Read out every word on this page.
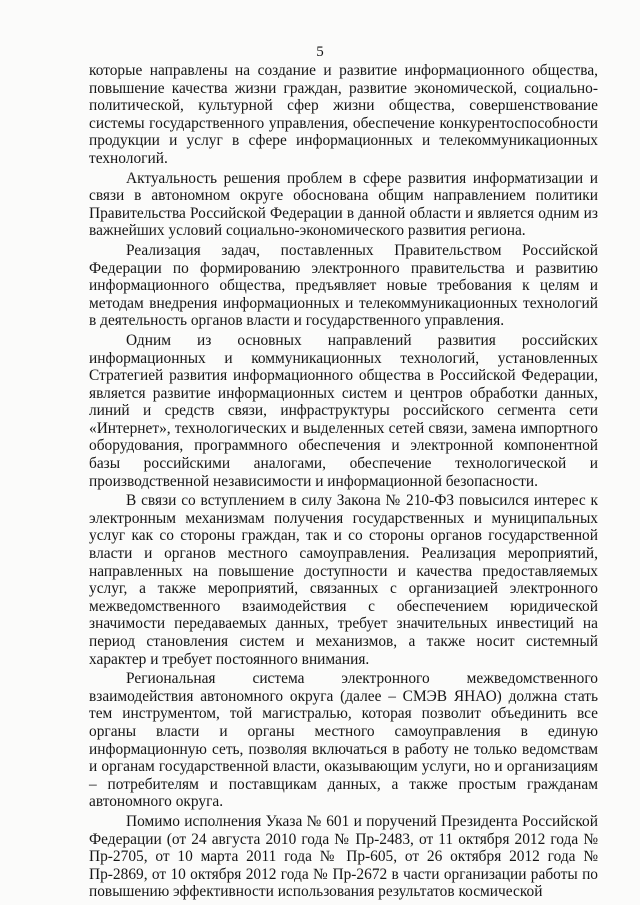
5

которые направлены на создание и развитие информационного общества, повышение качества жизни граждан, развитие экономической, социально-политической, культурной сфер жизни общества, совершенствование системы государственного управления, обеспечение конкурентоспособности продукции и услуг в сфере информационных и телекоммуникационных технологий.

Актуальность решения проблем в сфере развития информатизации и связи в автономном округе обоснована общим направлением политики Правительства Российской Федерации в данной области и является одним из важнейших условий социально-экономического развития региона.

Реализация задач, поставленных Правительством Российской Федерации по формированию электронного правительства и развитию информационного общества, предъявляет новые требования к целям и методам внедрения информационных и телекоммуникационных технологий в деятельность органов власти и государственного управления.

Одним из основных направлений развития российских информационных и коммуникационных технологий, установленных Стратегией развития информационного общества в Российской Федерации, является развитие информационных систем и центров обработки данных, линий и средств связи, инфраструктуры российского сегмента сети «Интернет», технологических и выделенных сетей связи, замена импортного оборудования, программного обеспечения и электронной компонентной базы российскими аналогами, обеспечение технологической и производственной независимости и информационной безопасности.

В связи со вступлением в силу Закона № 210-ФЗ повысился интерес к электронным механизмам получения государственных и муниципальных услуг как со стороны граждан, так и со стороны органов государственной власти и органов местного самоуправления. Реализация мероприятий, направленных на повышение доступности и качества предоставляемых услуг, а также мероприятий, связанных с организацией электронного межведомственного взаимодействия с обеспечением юридической значимости передаваемых данных, требует значительных инвестиций на период становления систем и механизмов, а также носит системный характер и требует постоянного внимания.

Региональная система электронного межведомственного взаимодействия автономного округа (далее – СМЭВ ЯНАО) должна стать тем инструментом, той магистралью, которая позволит объединить все органы власти и органы местного самоуправления в единую информационную сеть, позволяя включаться в работу не только ведомствам и органам государственной власти, оказывающим услуги, но и организациям – потребителям и поставщикам данных, а также простым гражданам автономного округа.

Помимо исполнения Указа № 601 и поручений Президента Российской Федерации (от 24 августа 2010 года № Пр-2483, от 11 октября 2012 года № Пр-2705, от 10 марта 2011 года № Пр-605, от 26 октября 2012 года № Пр-2869, от 10 октября 2012 года № Пр-2672 в части организации работы по повышению эффективности использования результатов космической
